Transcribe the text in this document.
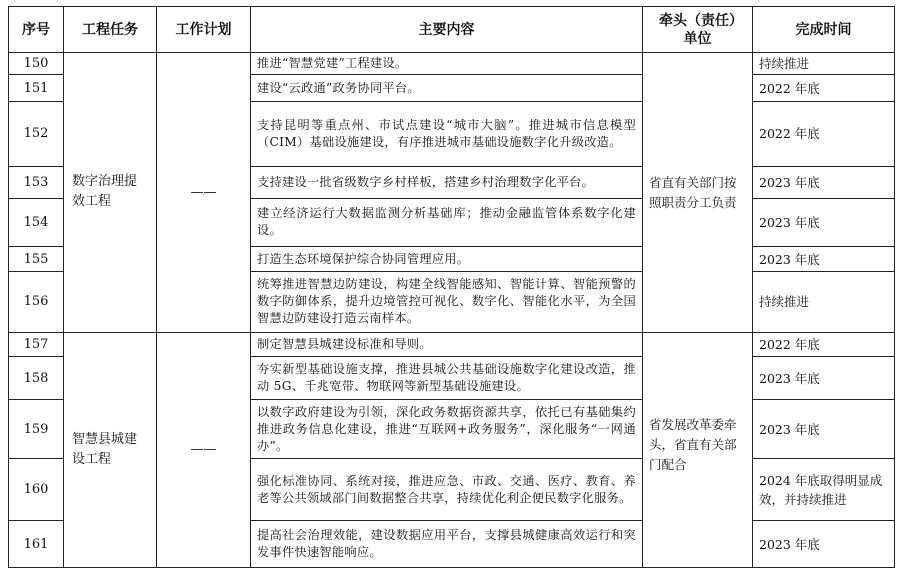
序号	工程任务	工作计划	主要内容	牵头（责任）单位	完成时间
150	数字治理提效工程	——	推进“智慧党建”工程建设。	省直有关部门按照职责分工负责	持续推进
151			建设“云政通”政务协同平台。		2022 年底
152			支持昆明等重点州、市试点建设“城市大脑”。推进城市信息模型（CIM）基础设施建设，有序推进城市基础设施数字化升级改造。		2022 年底
153			支持建设一批省级数字乡村样板，搭建乡村治理数字化平台。		2023 年底
154			建立经济运行大数据监测分析基础库；推动金融监管体系数字化建设。		2023 年底
155			打造生态环境保护综合协同管理应用。		2023 年底
156			统筹推进智慧边防建设，构建全线智能感知、智能计算、智能预警的数字防御体系，提升边境管控可视化、数字化、智能化水平，为全国智慧边防建设打造云南样本。		持续推进
157	智慧县城建设工程	——	制定智慧县城建设标准和导则。	省发展改革委牵头，省直有关部门配合	2022 年底
158			夯实新型基础设施支撑，推进县城公共基础设施数字化建设改造，推动 5G、千兆宽带、物联网等新型基础设施建设。		2023 年底
159			以数字政府建设为引领，深化政务数据资源共享，依托已有基础集约推进政务信息化建设，推进“互联网+政务服务”，深化服务“一网通办”。		2023 年底
160			强化标准协同、系统对接，推进应急、市政、交通、医疗、教育、养老等公共领域部门间数据整合共享，持续优化利企便民数字化服务。		2024 年底取得明显成效，并持续推进
161			提高社会治理效能，建设数据应用平台，支撑县城健康高效运行和突发事件快速智能响应。		2023 年底
